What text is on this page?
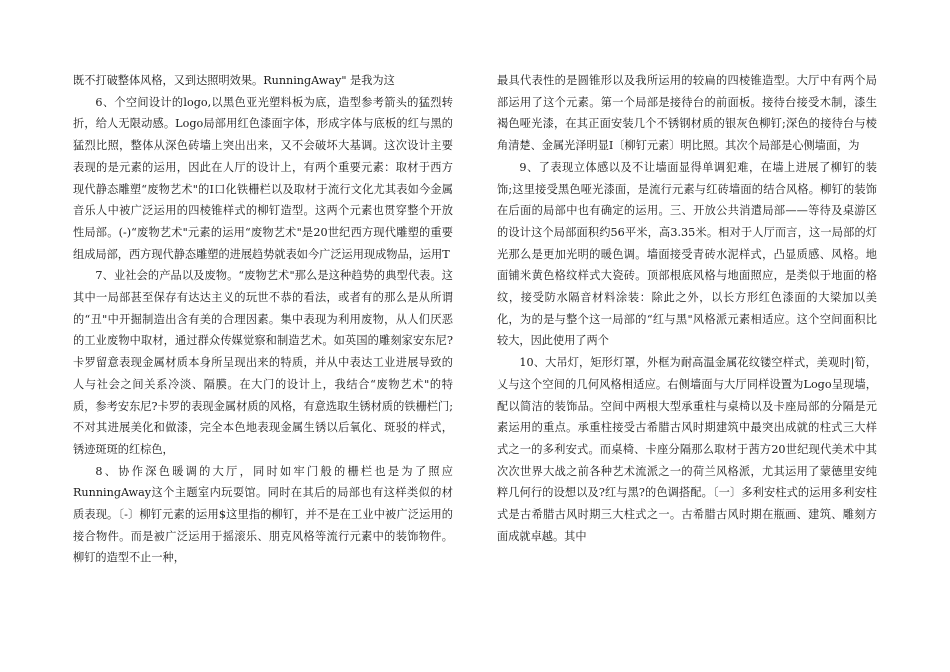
既不打破整体风格，又到达照明效果。RunningAway" 是我为这

6、个空间设计的logo,以黑色亚光塑料板为底，造型参考箭头的猛烈转折，给人无限动感。Logo局部用红色漆面字体，形成字体与底板的红与黑的猛烈比照，整体从深色砖墙上突出出来，又不会破坏大基调。这次设计主要表现的是元素的运用，因此在人厅的设计上，有两个重要元素：取材于西方现代静态雕塑“废物艺术"的I口化铁栅栏以及取材于流行文化尤其表如今金属音乐人中被广泛运用的四棱锥样式的柳钉造型。这两个元素也贯穿整个开放性局部。(-)“废物艺术"元素的运用“废物艺术"是20世纪西方现代雕塑的重要组成局部，西方现代静态雕塑的进展趋势就表如今广泛运用现成物品，运用T

7、业社会的产品以及废物。“废物艺术"那么是这种趋势的典型代表。这其中一局部甚至保存有达达主义的玩世不恭的看法，或者有的那么是从所谓的“丑"中开掘制造出含有美的合理因素。集中表现为利用废物，从人们厌恶的工业废物中取材，通过群众传媒觉察和制造艺术。如英国的雕刻家安东尼?卡罗留意表现金属材质本身所呈现出来的特质，并从中表达工业进展导致的人与社会之间关系冷淡、隔膜。在大门的设计上，我结合“废物艺术"的特质，参考安东尼?卡罗的表现金属材质的风格，有意选取生锈材质的铁栅栏门;不对其进展美化和做漆，完全本色地表现金属生锈以后氧化、斑驳的样式，锈迹斑斑的红棕色，

8、协作深色暖调的大厅，同时如牢门般的栅栏也是为了照应RunningAway这个主题室内玩耍馆。同时在其后的局部也有这样类似的材质表现。〔-〕柳钉元素的运用$这里指的柳钉，并不是在工业中被广泛运用的接合物件。而是被广泛运用于摇滚乐、朋克风格等流行元素中的装饰物件。柳钉的造型不止一种，

最具代表性的是圆锥形以及我所运用的较扁的四棱锥造型。大厅中有两个局部运用了这个元素。第一个局部是接待台的前面板。接待台接受木制，漆生褐色哑光漆，在其正面安装几个不锈钢材质的银灰色柳钉;深色的接待台与棱角清楚、金属光泽明显I〔柳钉元素〕明比照。其次个局部是心侧墙面，为

9、了表现立体感以及不让墙面显得单调犯难，在墙上进展了柳钉的装饰;这里接受黑色哑光漆面，是流行元素与红砖墙面的结合风格。柳钉的装饰在后面的局部中也有确定的运用。三、开放公共消遣局部——等待及桌游区的设计这个局部面积约56平米，高3.35米。相对于人厅而言，这一局部的灯光那么是更加光明的暖色调。墙面接受青砖水泥样式，凸显质感、风格。地面铺米黄色格纹样式大瓷砖。顶部根底风格与地面照应，是类似于地面的格纹，接受防水隔音材料涂装：除此之外，以长方形红色漆面的大梁加以美化，为的是与整个这一局部的“红与黑"风格派元素相适应。这个空间面积比较大，因此使用了两个

10、大吊灯，矩形灯罩，外框为耐高温金属花纹镂空样式，美观时|筍，乂与这个空间的几何风格相适应。右侧墙面与大厅同样设置为Logo呈现墙，配以简洁的装饰品。空间中两根大型承重柱与桌椅以及卡座局部的分隔是元素运用的重点。承重柱接受古希腊古风时期建筑中最突出成就的柱式三大样式之一的多利安式。而桌椅、卡座分隔那么取材于茜方20世纪现代美术中其次次世界大战之前各种艺术流派之一的荷兰风格派，尤其运用了蒙德里安纯粹几何行的设想以及?红与黑?的色调搭配。〔一〕多利安柱式的运用多利安柱式是古希腊古风时期三大柱式之一。古希腊古风时期在瓶画、建筑、雕刻方面成就卓越。其中
